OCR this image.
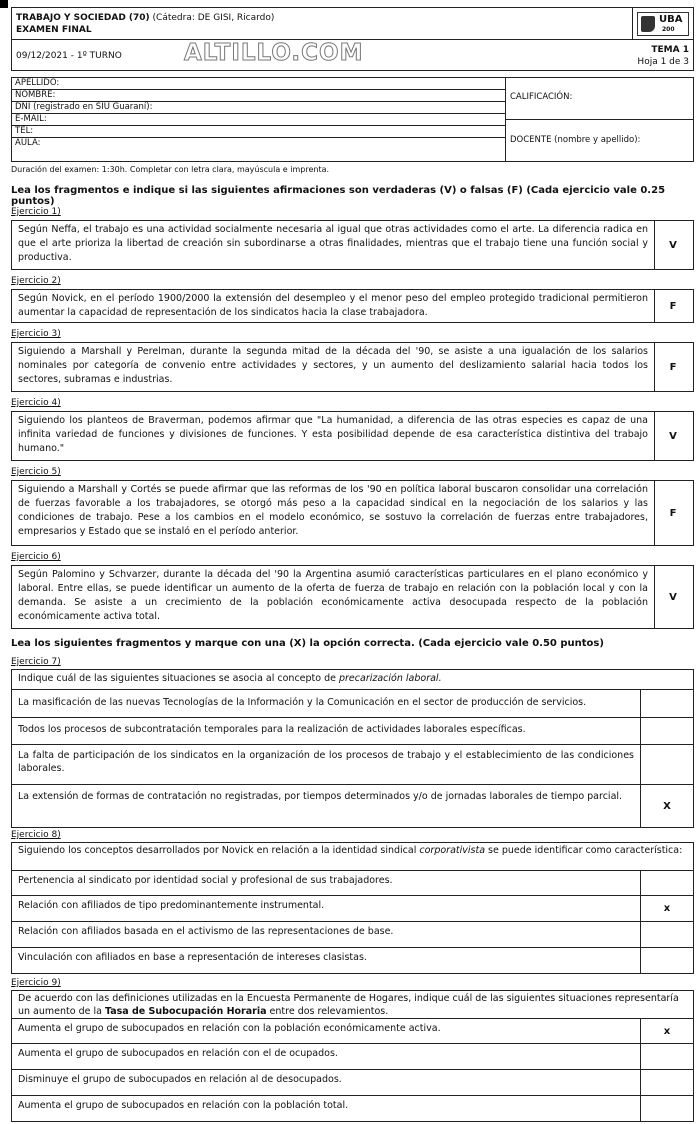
TRABAJO Y SOCIEDAD (70) (Cátedra: DE GISI, Ricardo)
EXAMEN FINAL
UBA
200
09/12/2021 - 1º TURNO	ALTILLO.COM	TEMA 1
Hoja 1 de 3
APELLIDO:
NOMBRE:
DNI (registrado en SIU Guaraní):
E-MAIL:
TEL:
AULA:
CALIFICACIÓN:
DOCENTE (nombre y apellido):
Duración del examen: 1:30h. Completar con letra clara, mayúscula e imprenta.
Lea los fragmentos e indique si las siguientes afirmaciones son verdaderas (V) o falsas (F) (Cada ejercicio vale 0.25 puntos)
Ejercicio 1)
Según Neffa, el trabajo es una actividad socialmente necesaria al igual que otras actividades como el arte. La diferencia radica en que el arte prioriza la libertad de creación sin subordinarse a otras finalidades, mientras que el trabajo tiene una función social y productiva.
V
Ejercicio 2)
Según Novick, en el período 1900/2000 la extensión del desempleo y el menor peso del empleo protegido tradicional permitieron aumentar la capacidad de representación de los sindicatos hacia la clase trabajadora.
F
Ejercicio 3)
Siguiendo a Marshall y Perelman, durante la segunda mitad de la década del '90, se asiste a una igualación de los salarios nominales por categoría de convenio entre actividades y sectores, y un aumento del deslizamiento salarial hacia todos los sectores, subramas e industrias.
F
Ejercicio 4)
Siguiendo los planteos de Braverman, podemos afirmar que "La humanidad, a diferencia de las otras especies es capaz de una infinita variedad de funciones y divisiones de funciones. Y esta posibilidad depende de esa característica distintiva del trabajo humano."
V
Ejercicio 5)
Siguiendo a Marshall y Cortés se puede afirmar que las reformas de los '90 en política laboral buscaron consolidar una correlación de fuerzas favorable a los trabajadores, se otorgó más peso a la capacidad sindical en la negociación de los salarios y las condiciones de trabajo. Pese a los cambios en el modelo económico, se sostuvo la correlación de fuerzas entre trabajadores, empresarios y Estado que se instaló en el período anterior.
F
Ejercicio 6)
Según Palomino y Schvarzer, durante la década del '90 la Argentina asumió características particulares en el plano económico y laboral. Entre ellas, se puede identificar un aumento de la oferta de fuerza de trabajo en relación con la población local y con la demanda. Se asiste a un crecimiento de la población económicamente activa desocupada respecto de la población económicamente activa total.
V
Lea los siguientes fragmentos y marque con una (X) la opción correcta. (Cada ejercicio vale 0.50 puntos)
Ejercicio 7)
Indique cuál de las siguientes situaciones se asocia al concepto de precarización laboral.
La masificación de las nuevas Tecnologías de la Información y la Comunicación en el sector de producción de servicios.
Todos los procesos de subcontratación temporales para la realización de actividades laborales específicas.
La falta de participación de los sindicatos en la organización de los procesos de trabajo y el establecimiento de las condiciones laborales.
La extensión de formas de contratación no registradas, por tiempos determinados y/o de jornadas laborales de tiempo parcial.
X
Ejercicio 8)
Siguiendo los conceptos desarrollados por Novick en relación a la identidad sindical corporativista se puede identificar como característica:
Pertenencia al sindicato por identidad social y profesional de sus trabajadores.
Relación con afiliados de tipo predominantemente instrumental.	x
Relación con afiliados basada en el activismo de las representaciones de base.
Vinculación con afiliados en base a representación de intereses clasistas.
Ejercicio 9)
De acuerdo con las definiciones utilizadas en la Encuesta Permanente de Hogares, indique cuál de las siguientes situaciones representaría un aumento de la Tasa de Subocupación Horaria entre dos relevamientos.
Aumenta el grupo de subocupados en relación con la población económicamente activa.	x
Aumenta el grupo de subocupados en relación con el de ocupados.
Disminuye el grupo de subocupados en relación al de desocupados.
Aumenta el grupo de subocupados en relación con la población total.
